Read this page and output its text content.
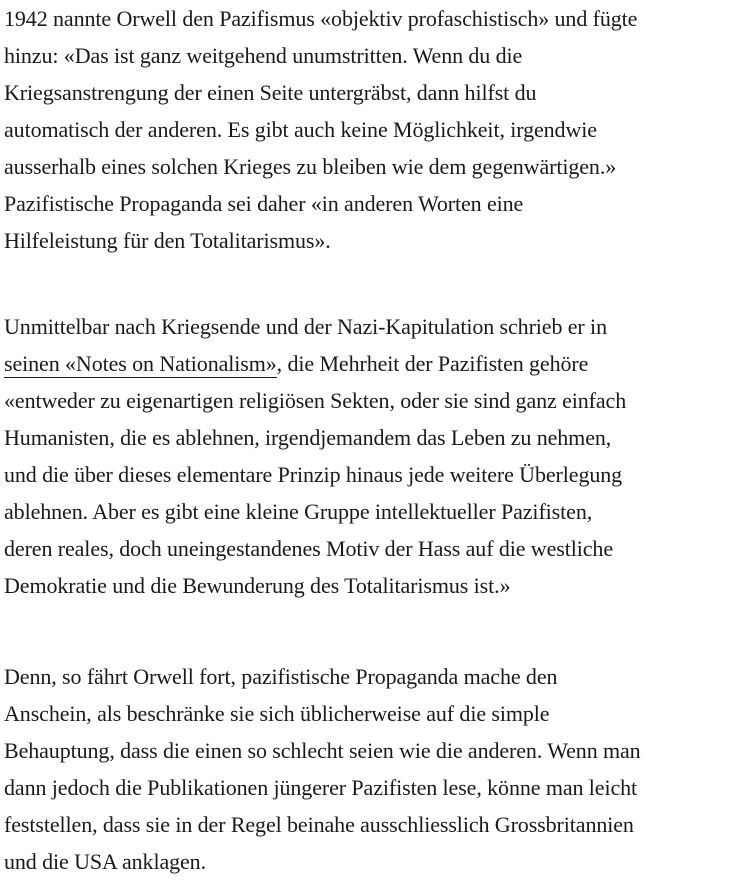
1942 nannte Orwell den Pazifismus «objektiv profaschistisch» und fügte
hinzu: «Das ist ganz weitgehend unumstritten. Wenn du die
Kriegsanstrengung der einen Seite untergräbst, dann hilfst du
automatisch der anderen. Es gibt auch keine Möglichkeit, irgendwie
ausserhalb eines solchen Krieges zu bleiben wie dem gegenwärtigen.»
Pazifistische Propaganda sei daher «in anderen Worten eine
Hilfeleistung für den Totalitarismus».

Unmittelbar nach Kriegsende und der Nazi-Kapitulation schrieb er in
seinen «Notes on Nationalism», die Mehrheit der Pazifisten gehöre
«entweder zu eigenartigen religiösen Sekten, oder sie sind ganz einfach
Humanisten, die es ablehnen, irgendjemandem das Leben zu nehmen,
und die über dieses elementare Prinzip hinaus jede weitere Überlegung
ablehnen. Aber es gibt eine kleine Gruppe intellektueller Pazifisten,
deren reales, doch uneingestandenes Motiv der Hass auf die westliche
Demokratie und die Bewunderung des Totalitarismus ist.»

Denn, so fährt Orwell fort, pazifistische Propaganda mache den
Anschein, als beschränke sie sich üblicherweise auf die simple
Behauptung, dass die einen so schlecht seien wie die anderen. Wenn man
dann jedoch die Publikationen jüngerer Pazifisten lese, könne man leicht
feststellen, dass sie in der Regel beinahe ausschliesslich Grossbritannien
und die USA anklagen.
